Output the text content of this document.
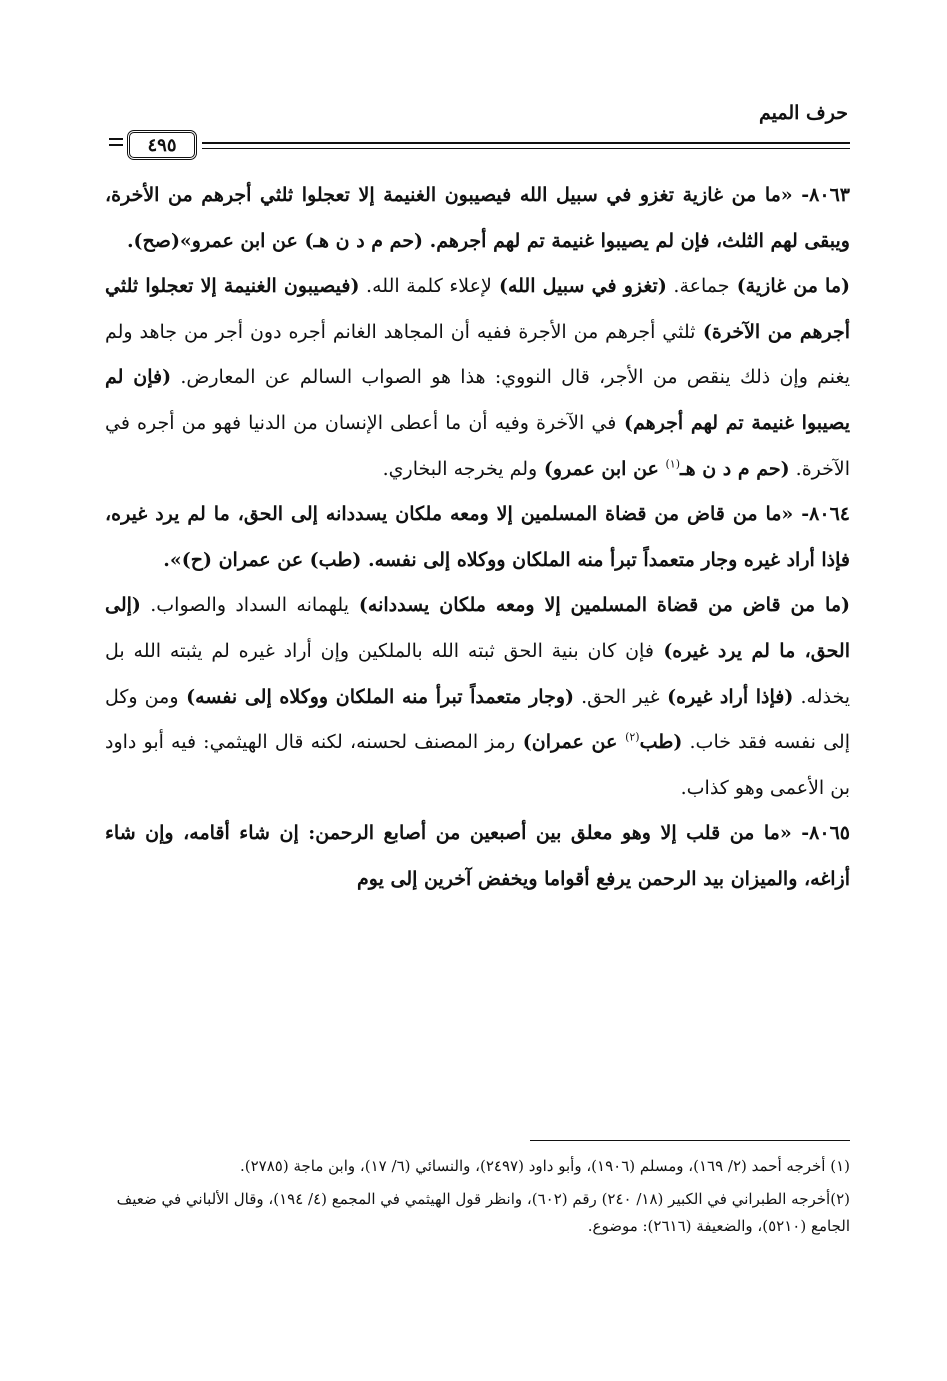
حرف الميم
٤٩٥

٨٠٦٣- «ما من غازية تغزو في سبيل الله فيصيبون الغنيمة إلا تعجلوا ثلثي أجرهم من الأخرة، ويبقى لهم الثلث، فإن لم يصيبوا غنيمة تم لهم أجرهم. (حم م د ن هـ) عن ابن عمرو»(صح).

(ما من غازية) جماعة. (تغزو في سبيل الله) لإعلاء كلمة الله. (فيصيبون الغنيمة إلا تعجلوا ثلثي أجرهم من الآخرة) ثلثي أجرهم من الأجرة ففيه أن المجاهد الغانم أجره دون أجر من جاهد ولم يغنم وإن ذلك ينقص من الأجر، قال النووي: هذا هو الصواب السالم عن المعارض. (فإن لم يصيبوا غنيمة تم لهم أجرهم) في الآخرة وفيه أن ما أعطى الإنسان من الدنيا فهو من أجره في الآخرة. (حم م د ن هـ$^{(١)}$ عن ابن عمرو) ولم يخرجه البخاري.

٨٠٦٤- «ما من قاض من قضاة المسلمين إلا ومعه ملكان يسددانه إلى الحق، ما لم يرد غيره، فإذا أراد غيره وجار متعمداً تبرأ منه الملكان ووكلاه إلى نفسه. (طب) عن عمران (ح)».

(ما من قاض من قضاة المسلمين إلا ومعه ملكان يسددانه) يلهمانه السداد والصواب. (إلى الحق، ما لم يرد غيره) فإن كان بنية الحق ثبته الله بالملكين وإن أراد غيره لم يثبته الله بل يخذله. (فإذا أراد غيره) غير الحق. (وجار متعمداً تبرأ منه الملكان ووكلاه إلى نفسه) ومن وكل إلى نفسه فقد خاب. (طب$^{(٢)}$ عن عمران) رمز المصنف لحسنه، لكنه قال الهيثمي: فيه أبو داود بن الأعمى وهو كذاب.

٨٠٦٥- «ما من قلب إلا وهو معلق بين أصبعين من أصابع الرحمن: إن شاء أقامه، وإن شاء أزاغه، والميزان بيد الرحمن يرفع أقواما ويخفض آخرين إلى يوم

(١) أخرجه أحمد (٢/ ١٦٩)، ومسلم (١٩٠٦)، وأبو داود (٢٤٩٧)، والنسائي (٦/ ١٧)، وابن ماجة (٢٧٨٥).

(٢)أخرجه الطبراني في الكبير (١٨/ ٢٤٠) رقم (٦٠٢)، وانظر قول الهيثمي في المجمع (٤/ ١٩٤)، وقال الألباني في ضعيف الجامع (٥٢١٠)، والضعيفة (٢٦١٦): موضوع.
